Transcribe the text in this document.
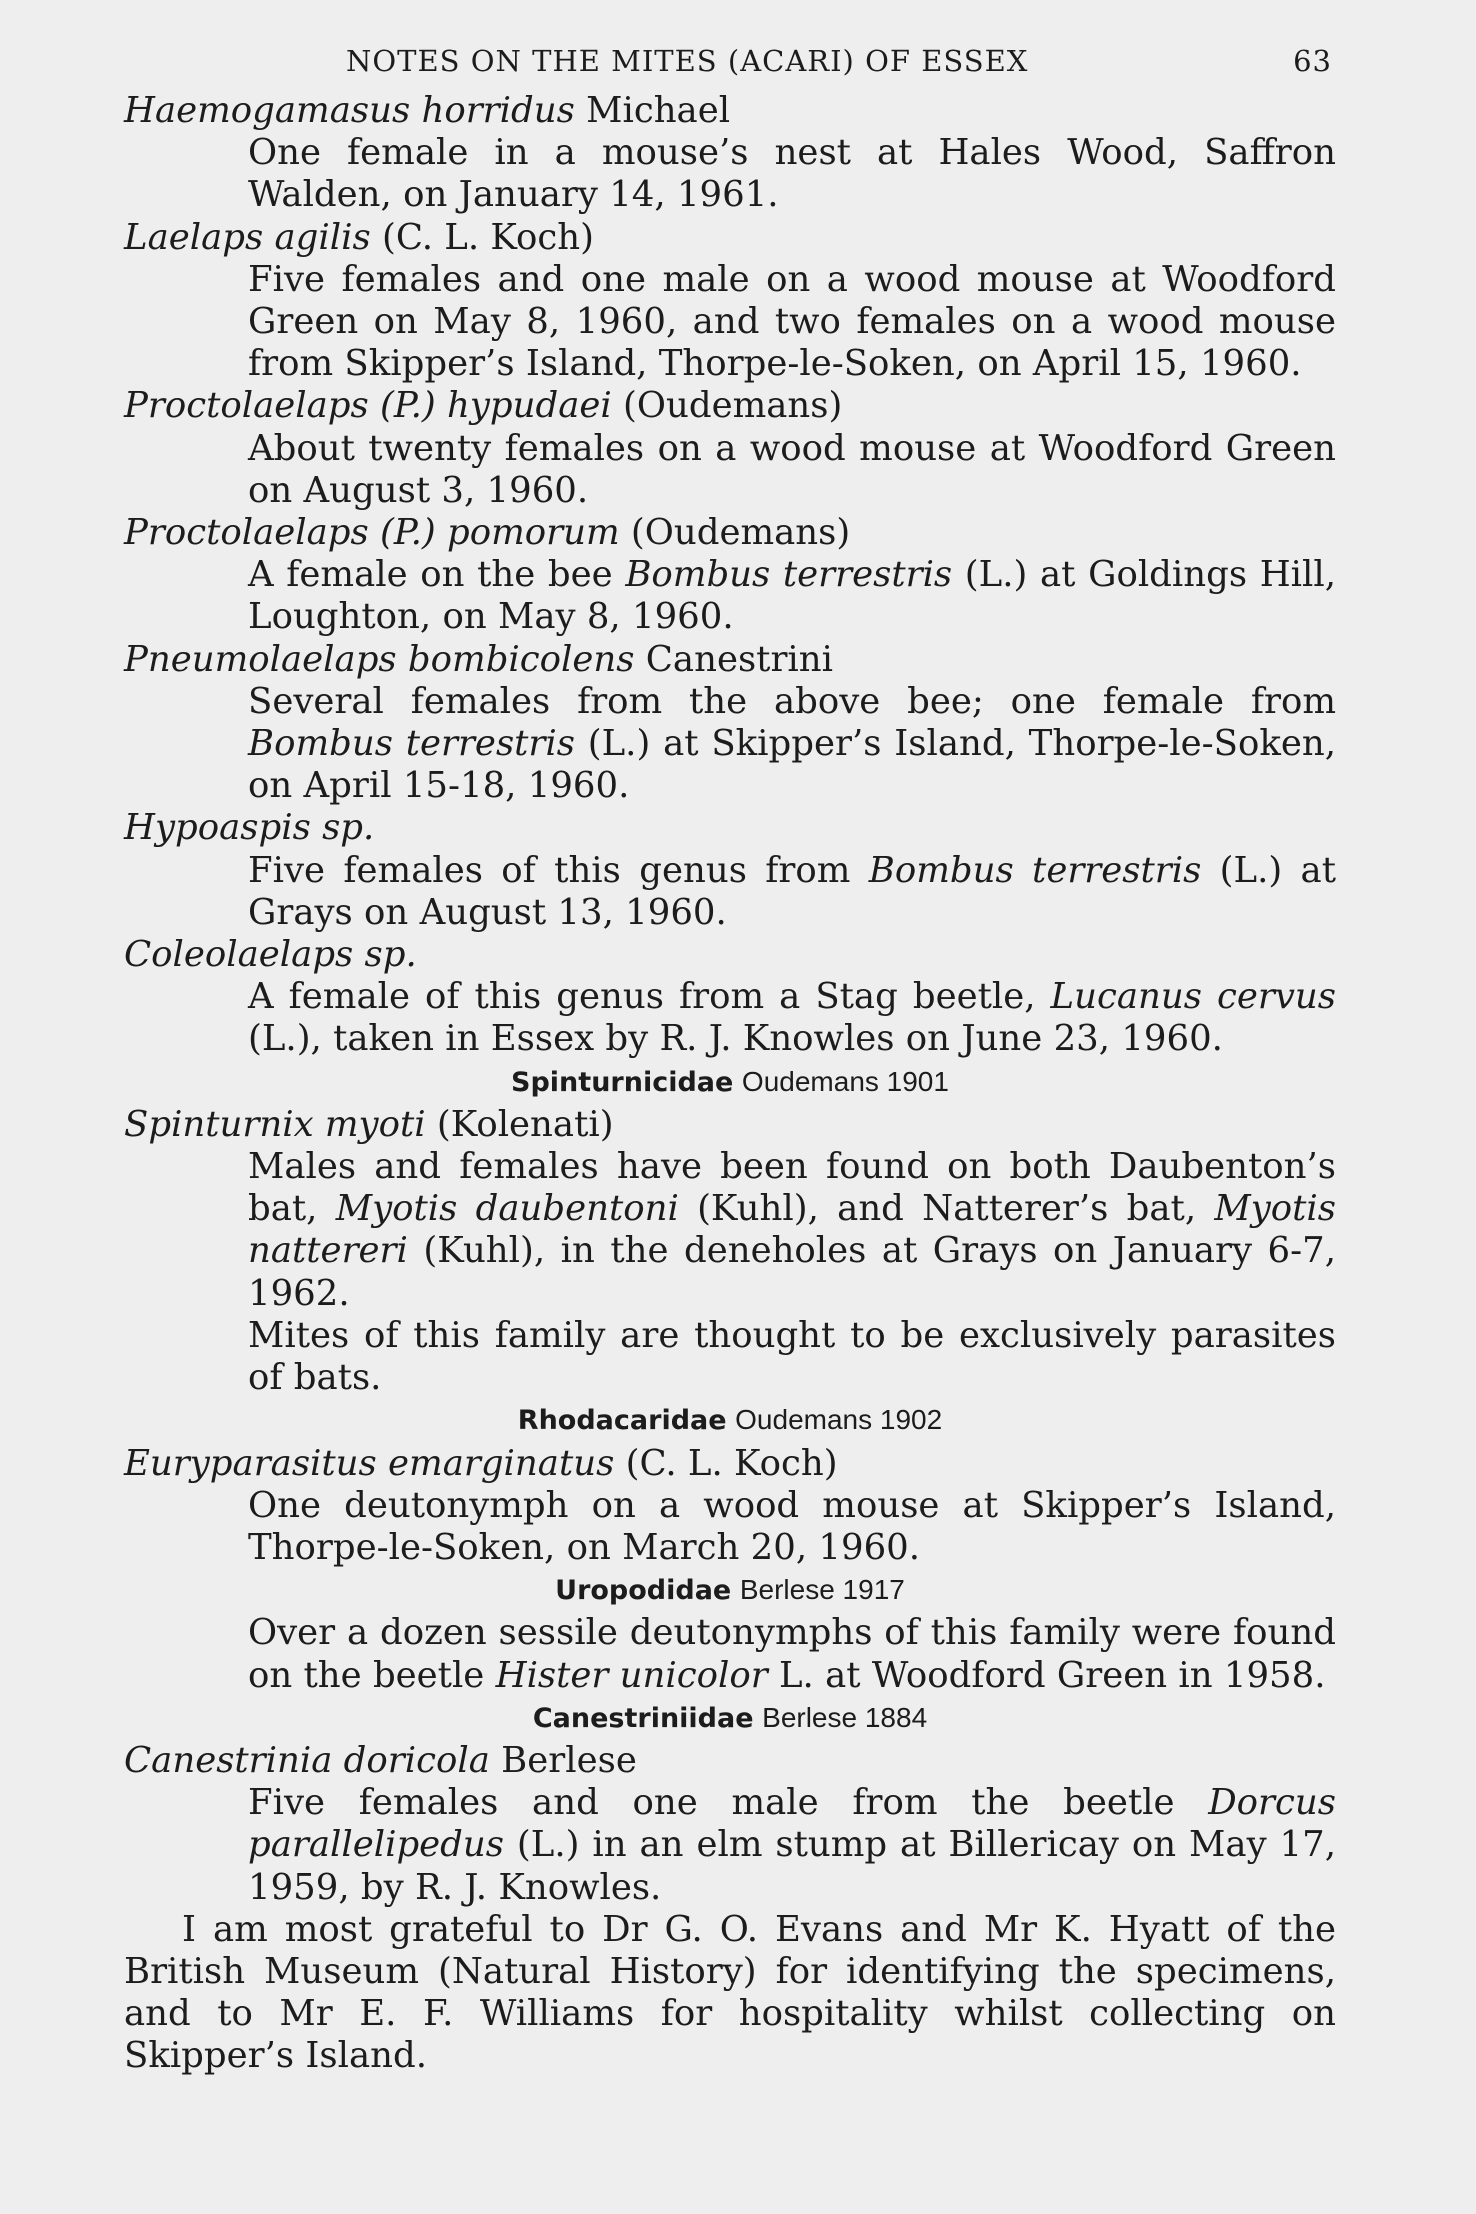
NOTES ON THE MITES (ACARI) OF ESSEX	63
Haemogamasus horridus Michael
One female in a mouse’s nest at Hales Wood, Saffron Walden, on January 14, 1961.
Laelaps agilis (C. L. Koch)
Five females and one male on a wood mouse at Woodford Green on May 8, 1960, and two females on a wood mouse from Skipper’s Island, Thorpe-le-Soken, on April 15, 1960.
Proctolaelaps (P.) hypudaei (Oudemans)
About twenty females on a wood mouse at Woodford Green on August 3, 1960.
Proctolaelaps (P.) pomorum (Oudemans)
A female on the bee Bombus terrestris (L.) at Goldings Hill, Loughton, on May 8, 1960.
Pneumolaelaps bombicolens Canestrini
Several females from the above bee; one female from Bombus terrestris (L.) at Skipper’s Island, Thorpe-le-Soken, on April 15-18, 1960.
Hypoaspis sp.
Five females of this genus from Bombus terrestris (L.) at Grays on August 13, 1960.
Coleolaelaps sp.
A female of this genus from a Stag beetle, Lucanus cervus (L.), taken in Essex by R. J. Knowles on June 23, 1960.
Spinturnicidae Oudemans 1901
Spinturnix myoti (Kolenati)
Males and females have been found on both Daubenton’s bat, Myotis daubentoni (Kuhl), and Natterer’s bat, Myotis nattereri (Kuhl), in the deneholes at Grays on January 6-7, 1962.
Mites of this family are thought to be exclusively parasites of bats.
Rhodacaridae Oudemans 1902
Euryparasitus emarginatus (C. L. Koch)
One deutonymph on a wood mouse at Skipper’s Island, Thorpe-le-Soken, on March 20, 1960.
Uropodidae Berlese 1917
Over a dozen sessile deutonymphs of this family were found on the beetle Hister unicolor L. at Woodford Green in 1958.
Canestriniidae Berlese 1884
Canestrinia doricola Berlese
Five females and one male from the beetle Dorcus parallelipedus (L.) in an elm stump at Billericay on May 17, 1959, by R. J. Knowles.
I am most grateful to Dr G. O. Evans and Mr K. Hyatt of the British Museum (Natural History) for identifying the specimens, and to Mr E. F. Williams for hospitality whilst collecting on Skipper’s Island.
